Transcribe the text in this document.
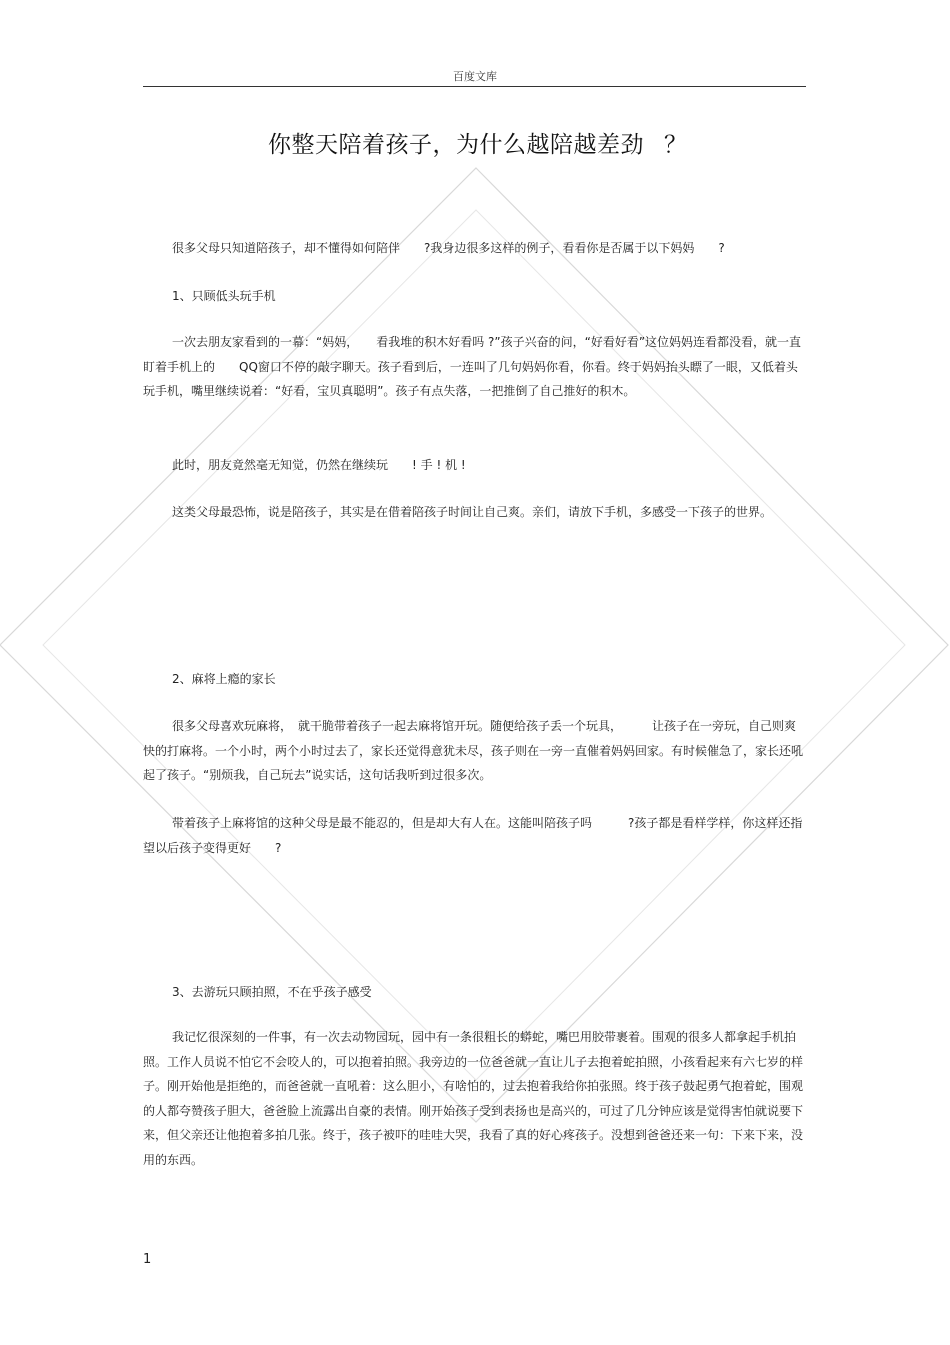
百度文库
你整天陪着孩子，为什么越陪越差劲 ？
很多父母只知道陪孩子，却不懂得如何陪伴　　?我身边很多这样的例子，看看你是否属于以下妈妈　　?
1、只顾低头玩手机
一次去朋友家看到的一幕：“妈妈，　　看我堆的积木好看吗 ?”孩子兴奋的问，“好看好看”这位妈妈连看都没看，就一直盯着手机上的　　QQ窗口不停的敲字聊天。孩子看到后，一连叫了几句妈妈你看，你看。终于妈妈抬头瞟了一眼，又低着头玩手机，嘴里继续说着：“好看，宝贝真聪明”。孩子有点失落，一把推倒了自己推好的积木。
此时，朋友竟然毫无知觉，仍然在继续玩　　! 手 ! 机 !
这类父母最恐怖，说是陪孩子，其实是在借着陪孩子时间让自己爽。亲们，请放下手机，多感受一下孩子的世界。
2、麻将上瘾的家长
很多父母喜欢玩麻将，　就干脆带着孩子一起去麻将馆开玩。随便给孩子丢一个玩具，　　　让孩子在一旁玩，自己则爽快的打麻将。一个小时，两个小时过去了，家长还觉得意犹未尽，孩子则在一旁一直催着妈妈回家。有时候催急了，家长还吼起了孩子。“别烦我，自己玩去”说实话，这句话我听到过很多次。
带着孩子上麻将馆的这种父母是最不能忍的，但是却大有人在。这能叫陪孩子吗　　　?孩子都是看样学样，你这样还指望以后孩子变得更好　　?
3、去游玩只顾拍照，不在乎孩子感受
我记忆很深刻的一件事，有一次去动物园玩，园中有一条很粗长的蟒蛇，嘴巴用胶带裹着。围观的很多人都拿起手机拍照。工作人员说不怕它不会咬人的，可以抱着拍照。我旁边的一位爸爸就一直让儿子去抱着蛇拍照，小孩看起来有六七岁的样子。刚开始他是拒绝的，而爸爸就一直吼着：这么胆小，有啥怕的，过去抱着我给你拍张照。终于孩子鼓起勇气抱着蛇，围观的人都夸赞孩子胆大，爸爸脸上流露出自豪的表情。刚开始孩子受到表扬也是高兴的，可过了几分钟应该是觉得害怕就说要下来，但父亲还让他抱着多拍几张。终于，孩子被吓的哇哇大哭，我看了真的好心疼孩子。没想到爸爸还来一句：下来下来，没用的东西。
1
